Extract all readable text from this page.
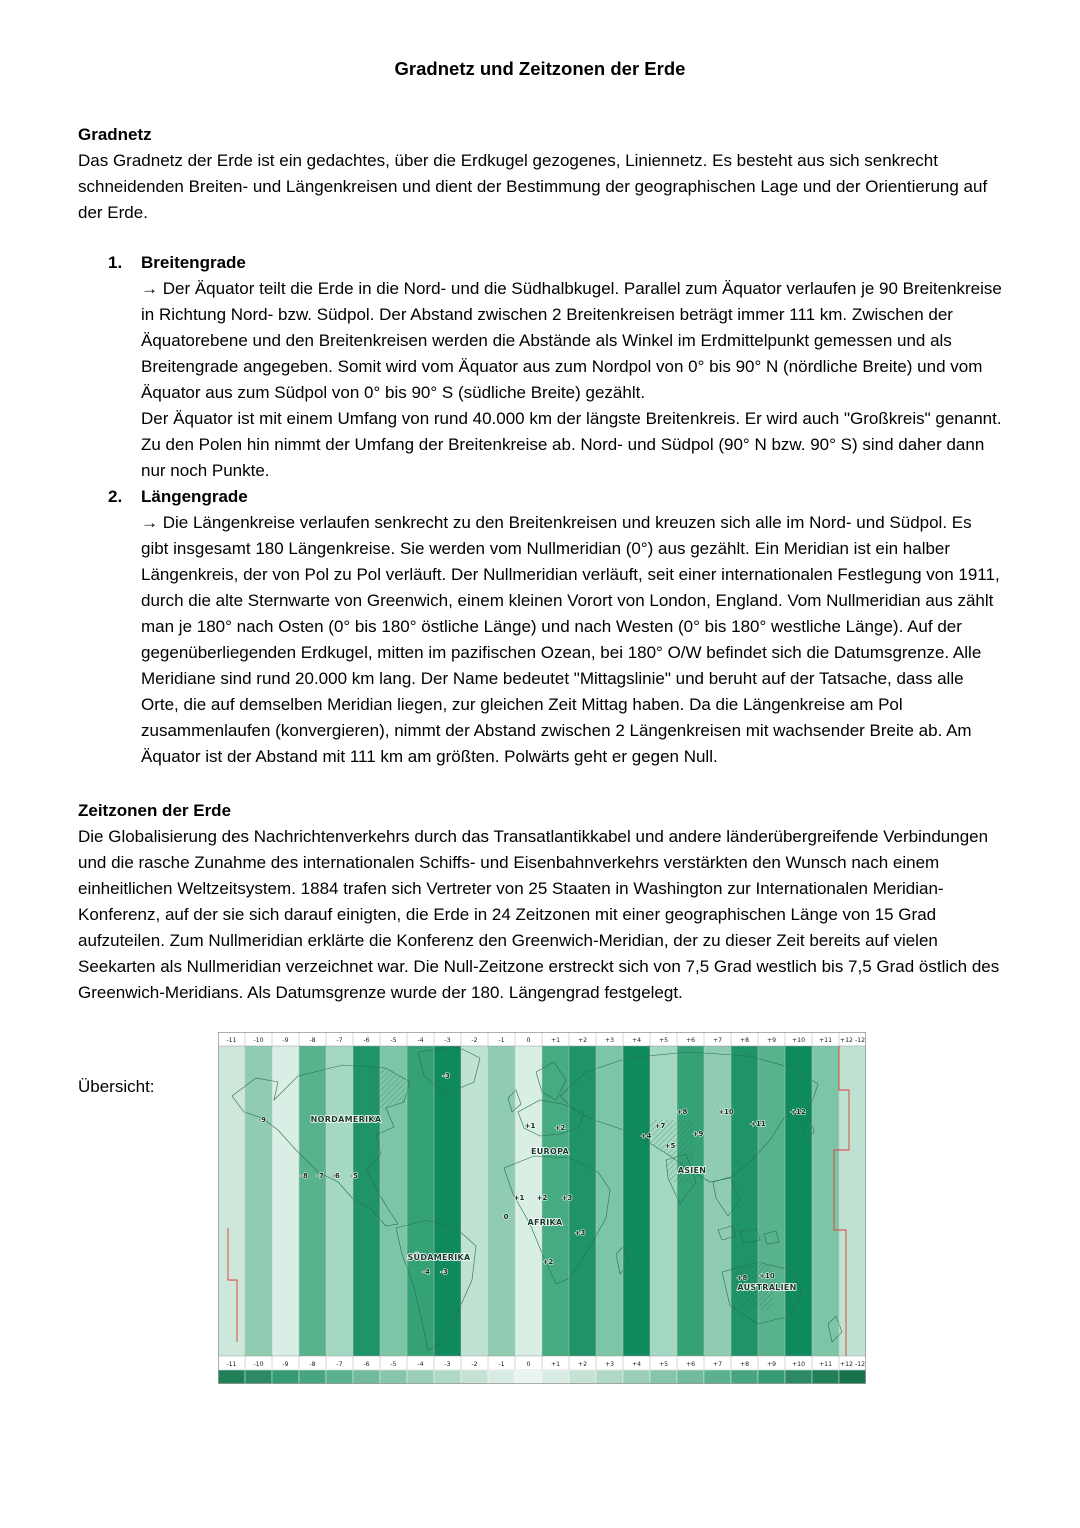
Gradnetz und Zeitzonen der Erde
Gradnetz

Das Gradnetz der Erde ist ein gedachtes, über die Erdkugel gezogenes, Liniennetz. Es besteht aus sich senkrecht schneidenden Breiten- und Längenkreisen und dient der Bestimmung der geographischen Lage und der Orientierung auf der Erde.

1. Breitengrade

→ Der Äquator teilt die Erde in die Nord- und die Südhalbkugel. Parallel zum Äquator verlaufen je 90 Breitenkreise in Richtung Nord- bzw. Südpol. Der Abstand zwischen 2 Breitenkreisen beträgt immer 111 km. Zwischen der Äquatorebene und den Breitenkreisen werden die Abstände als Winkel im Erdmittelpunkt gemessen und als Breitengrade angegeben. Somit wird vom Äquator aus zum Nordpol von 0° bis 90° N (nördliche Breite) und vom Äquator aus zum Südpol von 0° bis 90° S (südliche Breite) gezählt.

Der Äquator ist mit einem Umfang von rund 40.000 km der längste Breitenkreis. Er wird auch "Großkreis" genannt. Zu den Polen hin nimmt der Umfang der Breitenkreise ab. Nord- und Südpol (90° N bzw. 90° S) sind daher dann nur noch Punkte.

2. Längengrade

→ Die Längenkreise verlaufen senkrecht zu den Breitenkreisen und kreuzen sich alle im Nord- und Südpol. Es gibt insgesamt 180 Längenkreise. Sie werden vom Nullmeridian (0°) aus gezählt. Ein Meridian ist ein halber Längenkreis, der von Pol zu Pol verläuft. Der Nullmeridian verläuft, seit einer internationalen Festlegung von 1911, durch die alte Sternwarte von Greenwich, einem kleinen Vorort von London, England. Vom Nullmeridian aus zählt man je 180° nach Osten (0° bis 180° östliche Länge) und nach Westen (0° bis 180° westliche Länge). Auf der gegenüberliegenden Erdkugel, mitten im pazifischen Ozean, bei 180° O/W befindet sich die Datumsgrenze. Alle Meridiane sind rund 20.000 km lang. Der Name bedeutet "Mittagslinie" und beruht auf der Tatsache, dass alle Orte, die auf demselben Meridian liegen, zur gleichen Zeit Mittag haben. Da die Längenkreise am Pol zusammenlaufen (konvergieren), nimmt der Abstand zwischen 2 Längenkreisen mit wachsender Breite ab. Am Äquator ist der Abstand mit 111 km am größten. Polwärts geht er gegen Null.

Zeitzonen der Erde

Die Globalisierung des Nachrichtenverkehrs durch das Transatlantikkabel und andere länderübergreifende Verbindungen und die rasche Zunahme des internationalen Schiffs- und Eisenbahnverkehrs verstärkten den Wunsch nach einem einheitlichen Weltzeitsystem. 1884 trafen sich Vertreter von 25 Staaten in Washington zur Internationalen Meridian-Konferenz, auf der sie sich darauf einigten, die Erde in 24 Zeitzonen mit einer geographischen Länge von 15 Grad aufzuteilen. Zum Nullmeridian erklärte die Konferenz den Greenwich-Meridian, der zu dieser Zeit bereits auf vielen Seekarten als Nullmeridian verzeichnet war. Die Null-Zeitzone erstreckt sich von 7,5 Grad westlich bis 7,5 Grad östlich des Greenwich-Meridians. Als Datumsgrenze wurde der 180. Längengrad festgelegt.

Übersicht:
-11	-10	-9	-8	-7	-6	-5	-4	-3	-2	-1	0	+1	+2	+3	+4	+5	+6	+7	+8	+9	+10 +11 +12 -12
-11	-10	-9	-8	-7	-6	-5	-4	-3	-2	-1	0	+1	+2	+3	+4	+5	+6	+7	+8	+9	+10 +11 +12 -12
-9	NORDAMERIKA
-3
-8 -7 -6 -5
SÜDAMERIKA
-4 -3
EUROPA
+1	+2
AFRIKA
+1 +2 +3
0
+2
+3
ASIEN
+4
+5
+7
+8
+9
+10
+11
+12
AUSTRALIEN
+8 +10
